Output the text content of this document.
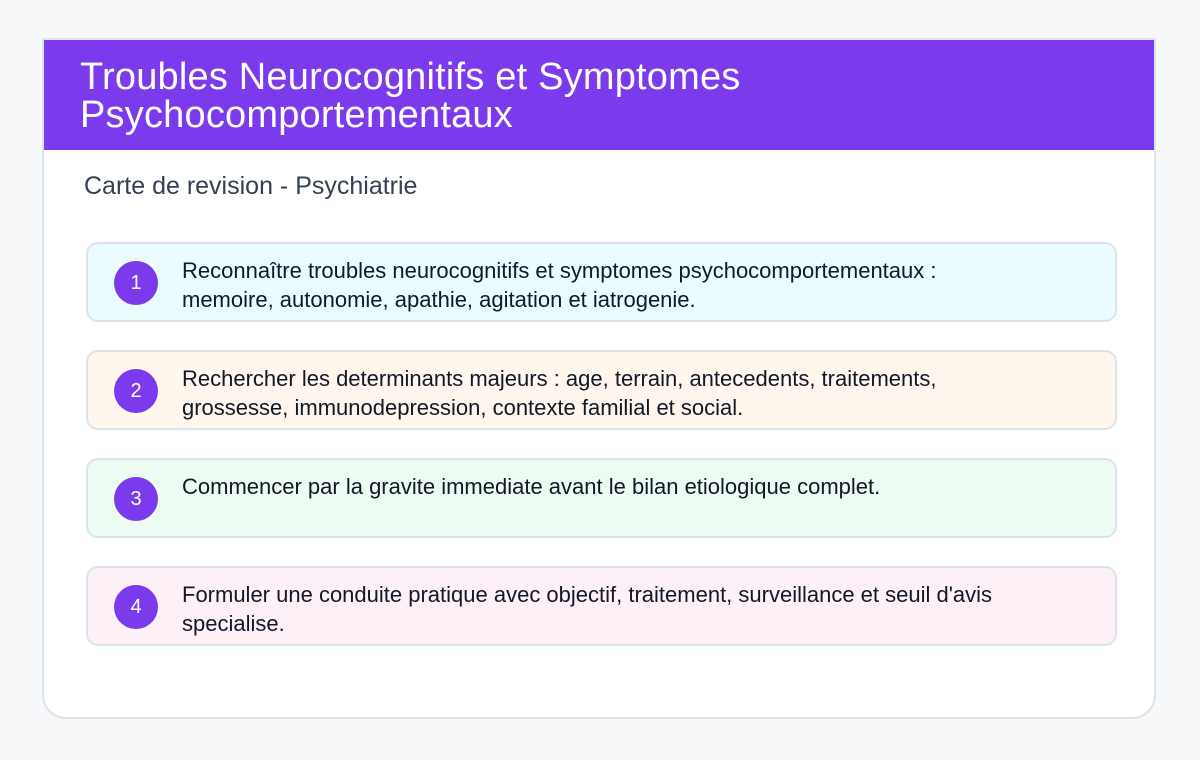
Troubles Neurocognitifs et Symptomes Psychocomportementaux
Carte de revision - Psychiatrie
1	Reconnaître troubles neurocognitifs et symptomes psychocomportementaux : memoire, autonomie, apathie, agitation et iatrogenie.
2	Rechercher les determinants majeurs : age, terrain, antecedents, traitements, grossesse, immunodepression, contexte familial et social.
3	Commencer par la gravite immediate avant le bilan etiologique complet.
4	Formuler une conduite pratique avec objectif, traitement, surveillance et seuil d'avis specialise.
